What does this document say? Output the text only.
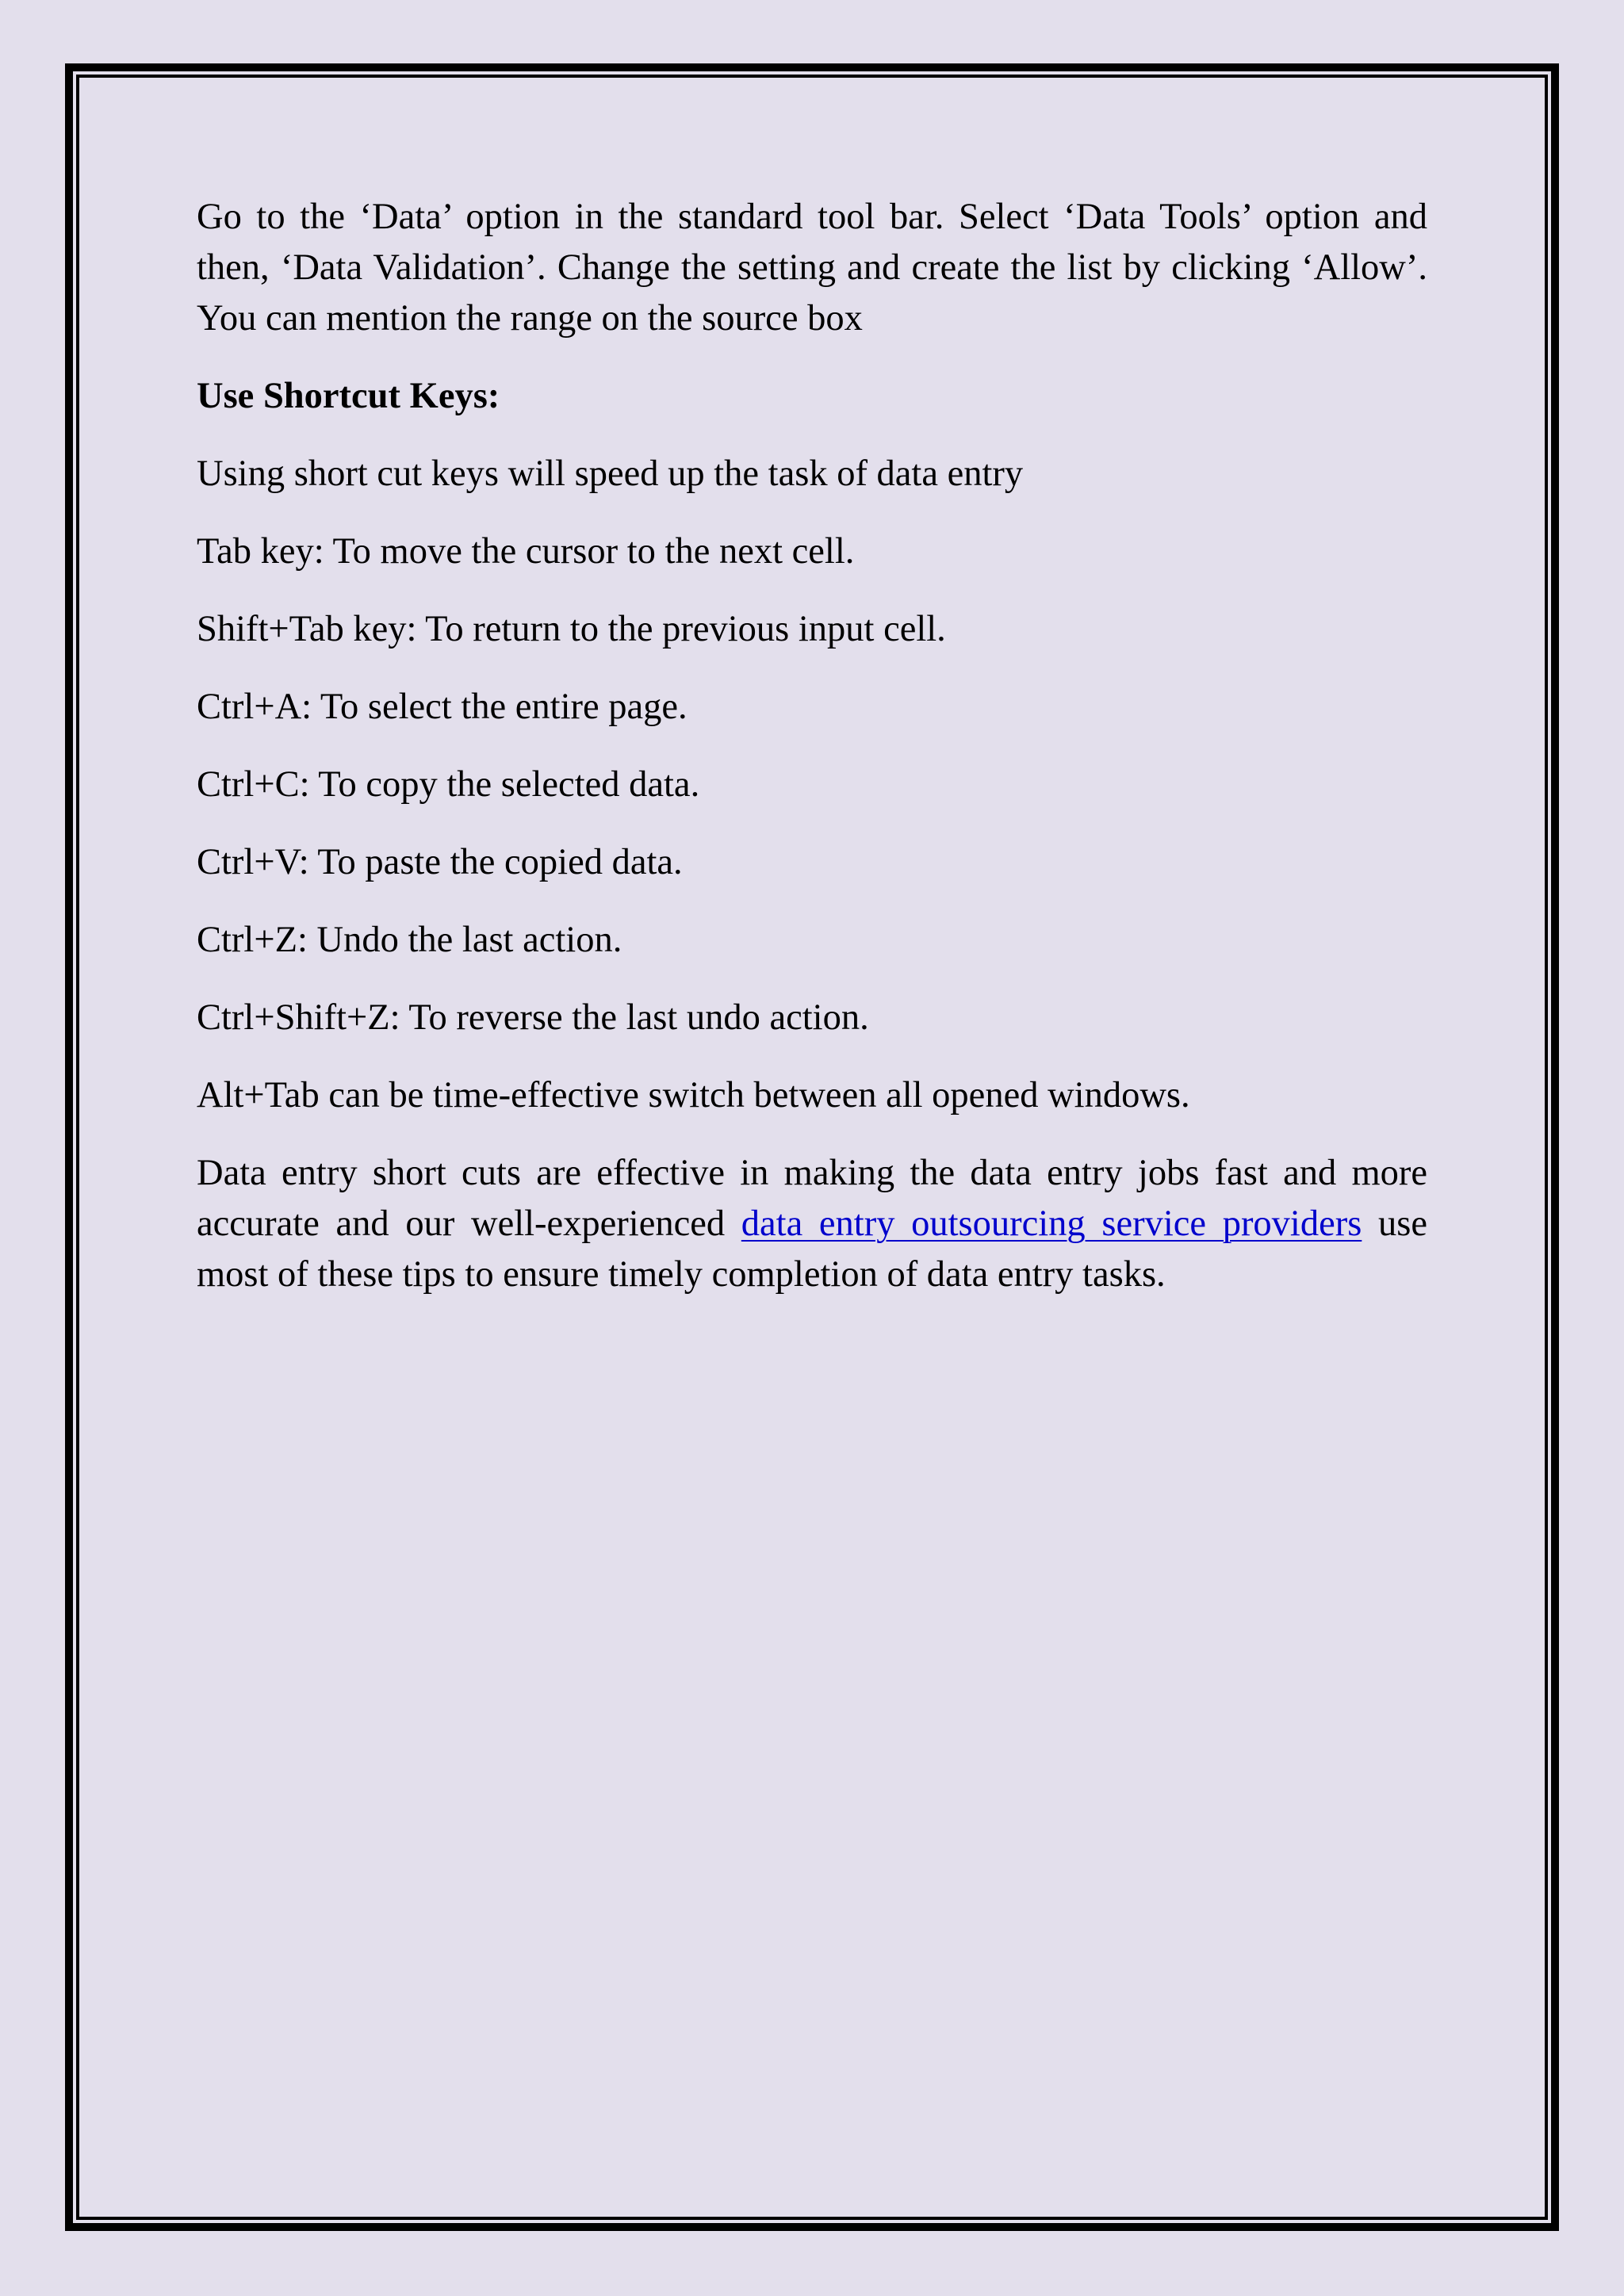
Go to the ‘Data’ option in the standard tool bar. Select ‘Data Tools’ option and then, ‘Data Validation’. Change the setting and create the list by clicking ‘Allow’. You can mention the range on the source box

Use Shortcut Keys:

Using short cut keys will speed up the task of data entry

Tab key: To move the cursor to the next cell.

Shift+Tab key: To return to the previous input cell.

Ctrl+A: To select the entire page.

Ctrl+C: To copy the selected data.

Ctrl+V: To paste the copied data.

Ctrl+Z: Undo the last action.

Ctrl+Shift+Z: To reverse the last undo action.

Alt+Tab can be time-effective switch between all opened windows.

Data entry short cuts are effective in making the data entry jobs fast and more accurate and our well-experienced data entry outsourcing service providers use most of these tips to ensure timely completion of data entry tasks.
